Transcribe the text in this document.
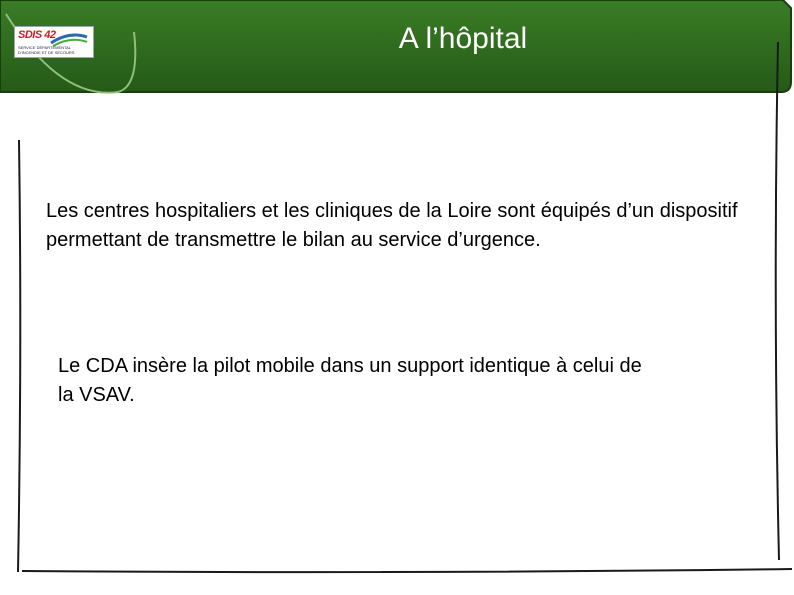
SDIS 42
SERVICE DÉPARTEMENTAL D'INCENDIE ET DE SECOURS	A l’hôpital
Les centres hospitaliers et les cliniques de la Loire sont équipés d’un dispositif permettant de transmettre le bilan au service d’urgence.
Le CDA insère la pilot mobile dans un support identique à celui de la VSAV.
